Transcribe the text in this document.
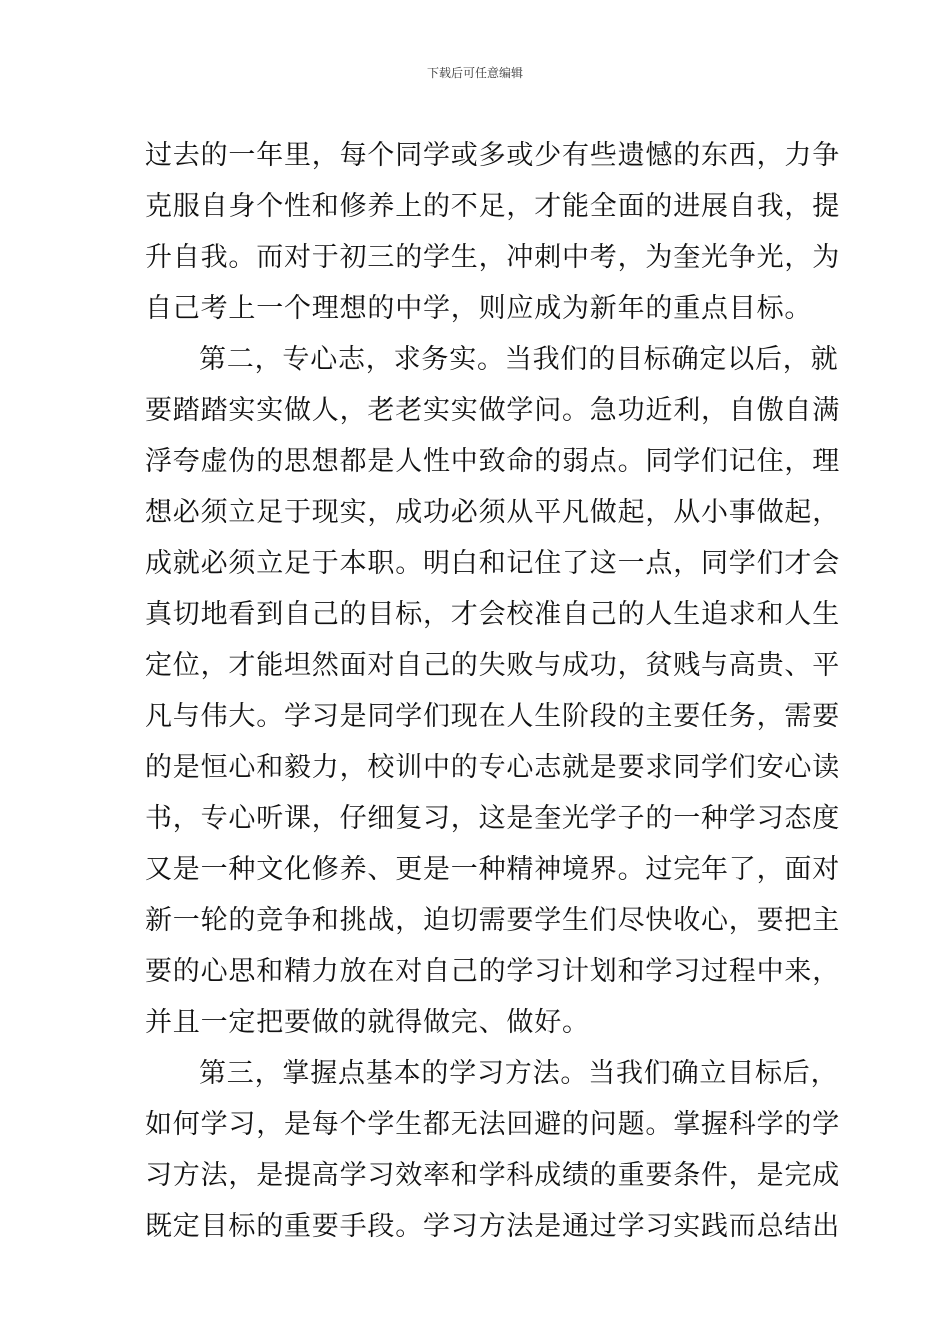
下载后可任意编辑
过去的一年里，每个同学或多或少有些遗憾的东西，力争
克服自身个性和修养上的不足，才能全面的进展自我，提
升自我。而对于初三的学生，冲刺中考，为奎光争光，为
自己考上一个理想的中学，则应成为新年的重点目标。
第二，专心志，求务实。当我们的目标确定以后，就
要踏踏实实做人，老老实实做学问。急功近利，自傲自满
浮夸虚伪的思想都是人性中致命的弱点。同学们记住，理
想必须立足于现实，成功必须从平凡做起，从小事做起，
成就必须立足于本职。明白和记住了这一点，同学们才会
真切地看到自己的目标，才会校准自己的人生追求和人生
定位，才能坦然面对自己的失败与成功，贫贱与高贵、平
凡与伟大。学习是同学们现在人生阶段的主要任务，需要
的是恒心和毅力，校训中的专心志就是要求同学们安心读
书，专心听课，仔细复习，这是奎光学子的一种学习态度
又是一种文化修养、更是一种精神境界。过完年了，面对
新一轮的竞争和挑战，迫切需要学生们尽快收心，要把主
要的心思和精力放在对自己的学习计划和学习过程中来，
并且一定把要做的就得做完、做好。
第三，掌握点基本的学习方法。当我们确立目标后，
如何学习，是每个学生都无法回避的问题。掌握科学的学
习方法，是提高学习效率和学科成绩的重要条件，是完成
既定目标的重要手段。学习方法是通过学习实践而总结出
